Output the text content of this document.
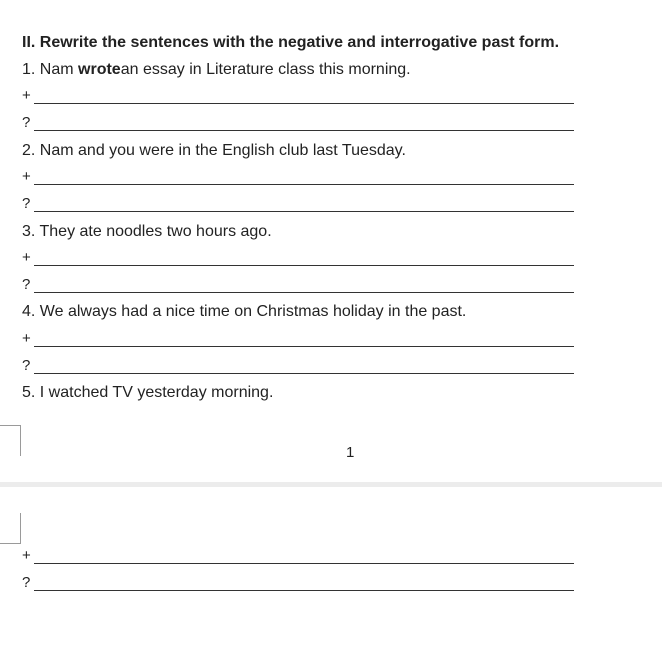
II. Rewrite the sentences with the negative and interrogative past form.
1. Nam wrotean essay in Literature class this morning.
+
?
2. Nam and you were in the English club last Tuesday.
+
?
3. They ate noodles two hours ago.
+
?
4. We always had a nice time on Christmas holiday in the past.
+
?
5. I watched TV yesterday morning.
1
+
?
